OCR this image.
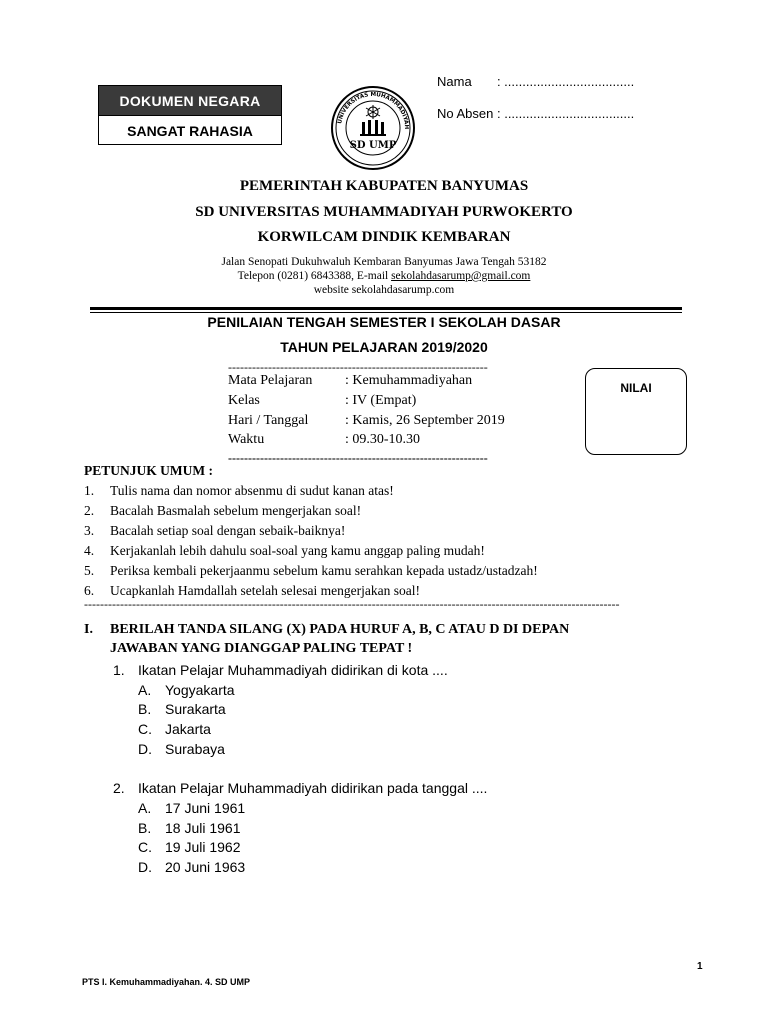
DOKUMEN NEGARA
SANGAT RAHASIA
UNIVERSITAS MUHAMMADIYAH
SD UMP
Nama       : ....................................
No Absen : ....................................
PEMERINTAH KABUPATEN BANYUMAS
SD UNIVERSITAS MUHAMMADIYAH PURWOKERTO
KORWILCAM DINDIK KEMBARAN
Jalan Senopati Dukuhwaluh Kembaran Banyumas Jawa Tengah 53182
Telepon (0281) 6843388, E-mail sekolahdasarump@gmail.com
website sekolahdasarump.com
PENILAIAN TENGAH SEMESTER I SEKOLAH DASAR
TAHUN PELAJARAN 2019/2020
-----------------------------------------------------------------
Mata Pelajaran : Kemuhammadiyahan
Kelas	: IV (Empat)
Hari / Tanggal	: Kamis, 26 September 2019
Waktu	: 09.30-10.30
-----------------------------------------------------------------
NILAI
PETUNJUK UMUM :
1. Tulis nama dan nomor absenmu di sudut kanan atas!
2. Bacalah Basmalah sebelum mengerjakan soal!
3. Bacalah setiap soal dengan sebaik-baiknya!
4. Kerjakanlah lebih dahulu soal-soal yang kamu anggap paling mudah!
5. Periksa kembali pekerjaanmu sebelum kamu serahkan kepada ustadz/ustadzah!
6. Ucapkanlah Hamdallah setelah selesai mengerjakan soal!
--------------------------------------------------------------------------------------------------------------------------------------
I. BERILAH TANDA SILANG (X) PADA HURUF A, B, C ATAU D DI DEPAN
JAWABAN YANG DIANGGAP PALING TEPAT !
1. Ikatan Pelajar Muhammadiyah didirikan di kota ....
A. Yogyakarta
B. Surakarta
C. Jakarta
D. Surabaya
2. Ikatan Pelajar Muhammadiyah didirikan pada tanggal ....
A. 17 Juni 1961
B. 18 Juli 1961
C. 19 Juli 1962
D. 20 Juni 1963
1
PTS I. Kemuhammadiyahan. 4. SD UMP
